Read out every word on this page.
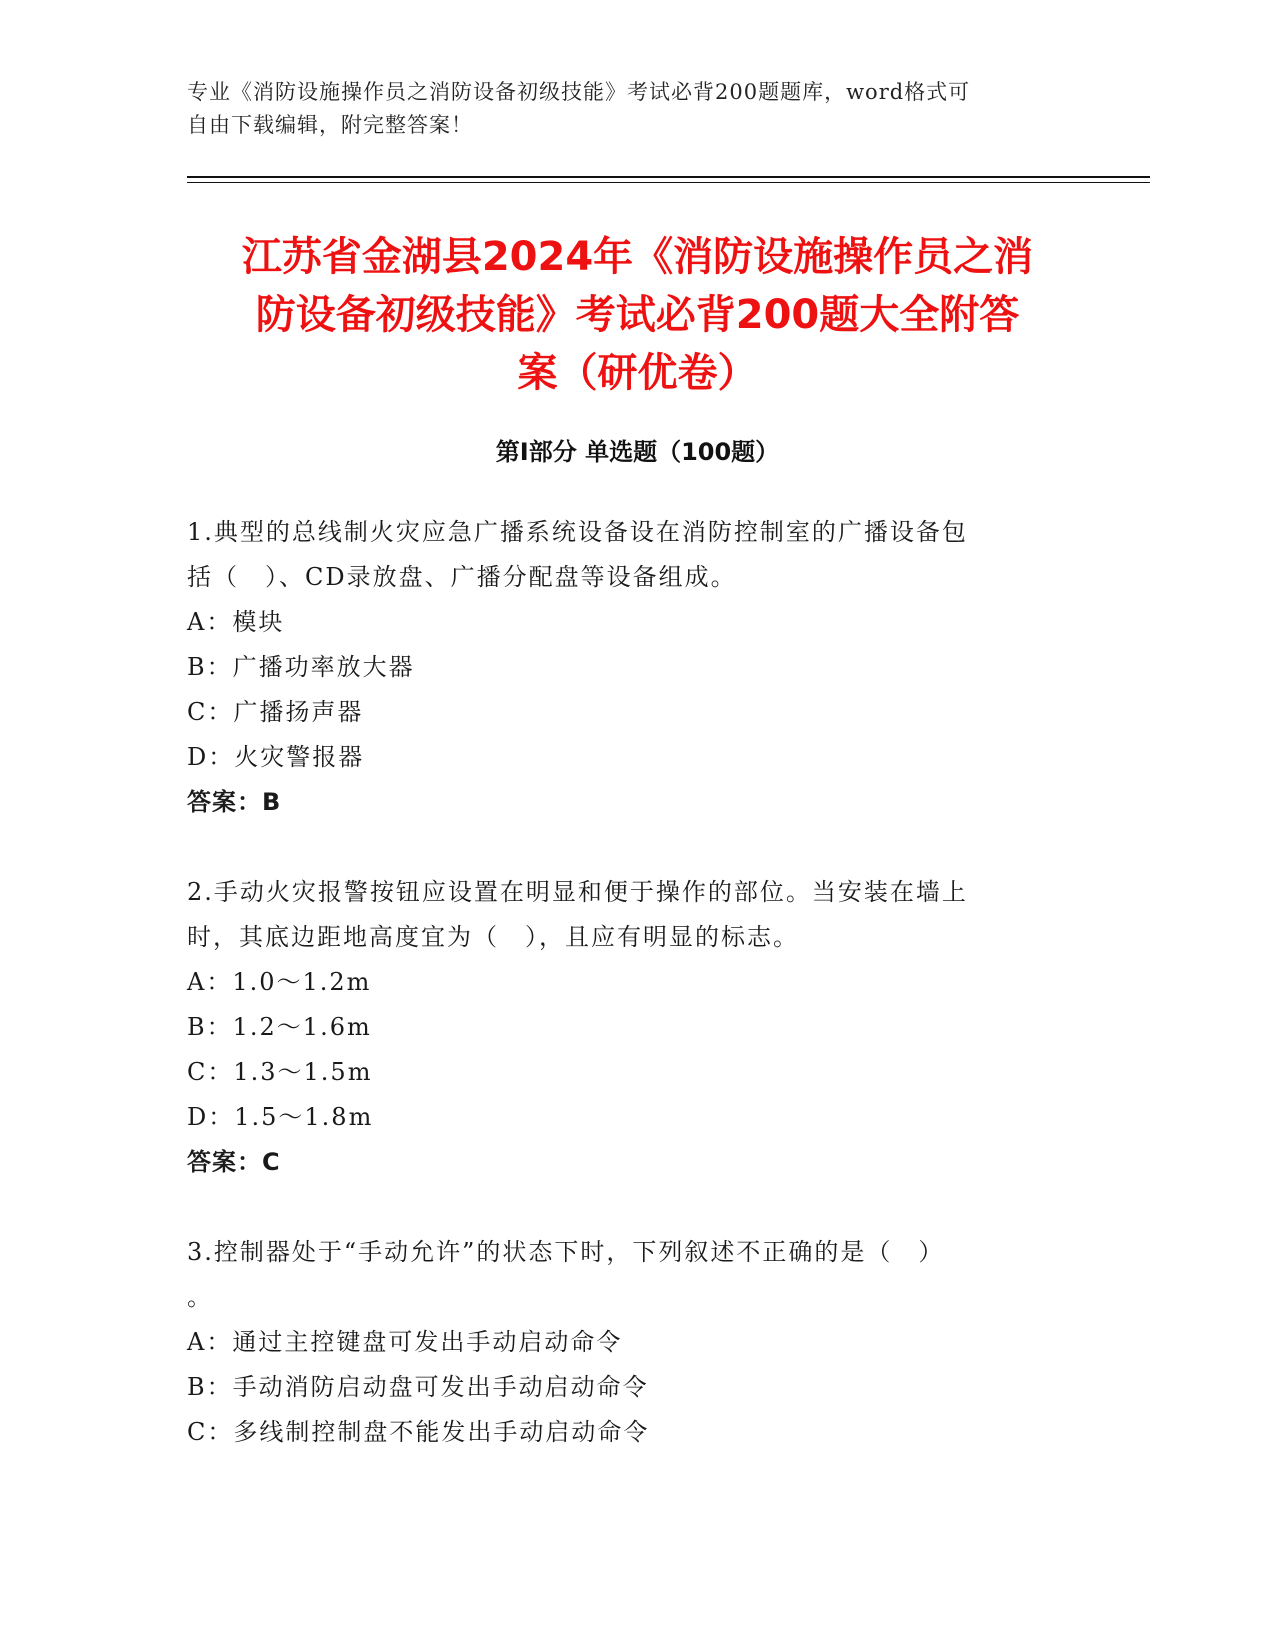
专业《消防设施操作员之消防设备初级技能》考试必背200题题库，word格式可
自由下载编辑，附完整答案！
江苏省金湖县2024年《消防设施操作员之消
防设备初级技能》考试必背200题大全附答
案（研优卷）
第I部分 单选题（100题）
1.典型的总线制火灾应急广播系统设备设在消防控制室的广播设备包
括（　）、CD录放盘、广播分配盘等设备组成。
A：模块
B：广播功率放大器
C：广播扬声器
D：火灾警报器
答案：B
2.手动火灾报警按钮应设置在明显和便于操作的部位。当安装在墙上
时，其底边距地高度宜为（　），且应有明显的标志。
A：1.0～1.2m
B：1.2～1.6m
C：1.3～1.5m
D：1.5～1.8m
答案：C
3.控制器处于“手动允许”的状态下时，下列叙述不正确的是（　）
。
A：通过主控键盘可发出手动启动命令
B：手动消防启动盘可发出手动启动命令
C：多线制控制盘不能发出手动启动命令
